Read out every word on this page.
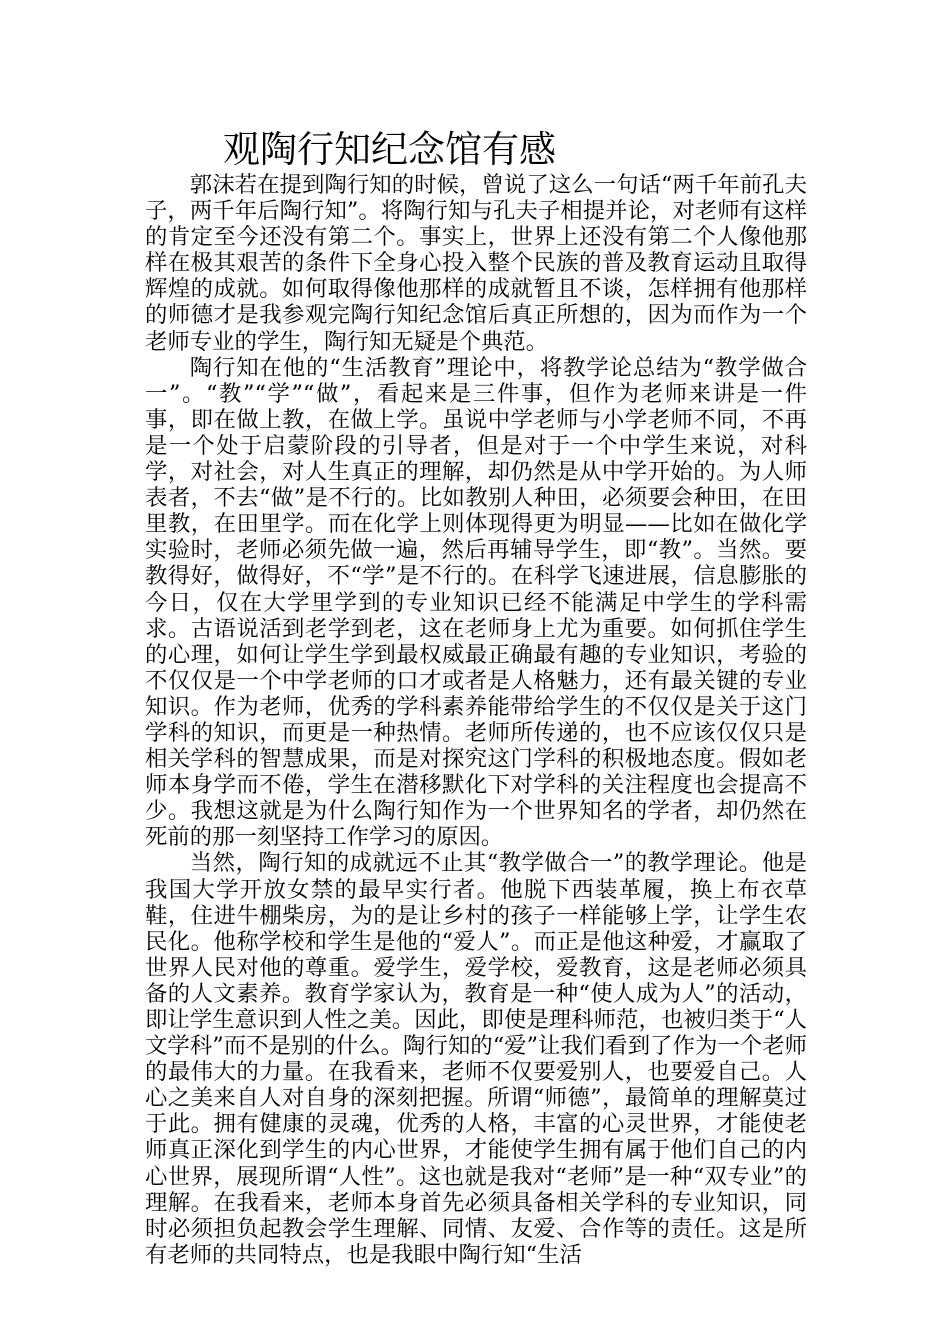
观陶行知纪念馆有感

郭沫若在提到陶行知的时候，曾说了这么一句话“两千年前孔夫子，两千年后陶行知”。将陶行知与孔夫子相提并论，对老师有这样的肯定至今还没有第二个。事实上，世界上还没有第二个人像他那样在极其艰苦的条件下全身心投入整个民族的普及教育运动且取得辉煌的成就。如何取得像他那样的成就暂且不谈，怎样拥有他那样的师德才是我参观完陶行知纪念馆后真正所想的，因为而作为一个老师专业的学生，陶行知无疑是个典范。

陶行知在他的“生活教育”理论中，将教学论总结为“教学做合一”。“教”“学”“做”，看起来是三件事，但作为老师来讲是一件事，即在做上教，在做上学。虽说中学老师与小学老师不同，不再是一个处于启蒙阶段的引导者，但是对于一个中学生来说，对科学，对社会，对人生真正的理解，却仍然是从中学开始的。为人师表者，不去“做”是不行的。比如教别人种田，必须要会种田，在田里教，在田里学。而在化学上则体现得更为明显——比如在做化学实验时，老师必须先做一遍，然后再辅导学生，即“教”。当然。要教得好，做得好，不“学”是不行的。在科学飞速进展，信息膨胀的今日，仅在大学里学到的专业知识已经不能满足中学生的学科需求。古语说活到老学到老，这在老师身上尤为重要。如何抓住学生的心理，如何让学生学到最权威最正确最有趣的专业知识，考验的不仅仅是一个中学老师的口才或者是人格魅力，还有最关键的专业知识。作为老师，优秀的学科素养能带给学生的不仅仅是关于这门学科的知识，而更是一种热情。老师所传递的，也不应该仅仅只是相关学科的智慧成果，而是对探究这门学科的积极地态度。假如老师本身学而不倦，学生在潜移默化下对学科的关注程度也会提高不少。我想这就是为什么陶行知作为一个世界知名的学者，却仍然在死前的那一刻坚持工作学习的原因。

当然，陶行知的成就远不止其“教学做合一”的教学理论。他是我国大学开放女禁的最早实行者。他脱下西装革履，换上布衣草鞋，住进牛棚柴房，为的是让乡村的孩子一样能够上学，让学生农民化。他称学校和学生是他的“爱人”。而正是他这种爱，才赢取了世界人民对他的尊重。爱学生，爱学校，爱教育，这是老师必须具备的人文素养。教育学家认为，教育是一种“使人成为人”的活动，即让学生意识到人性之美。因此，即使是理科师范，也被归类于“人文学科”而不是别的什么。陶行知的“爱”让我们看到了作为一个老师的最伟大的力量。在我看来，老师不仅要爱别人，也要爱自己。人心之美来自人对自身的深刻把握。所谓“师德”，最简单的理解莫过于此。拥有健康的灵魂，优秀的人格，丰富的心灵世界，才能使老师真正深化到学生的内心世界，才能使学生拥有属于他们自己的内心世界，展现所谓“人性”。这也就是我对“老师”是一种“双专业”的理解。在我看来，老师本身首先必须具备相关学科的专业知识，同时必须担负起教会学生理解、同情、友爱、合作等的责任。这是所有老师的共同特点，也是我眼中陶行知“生活
